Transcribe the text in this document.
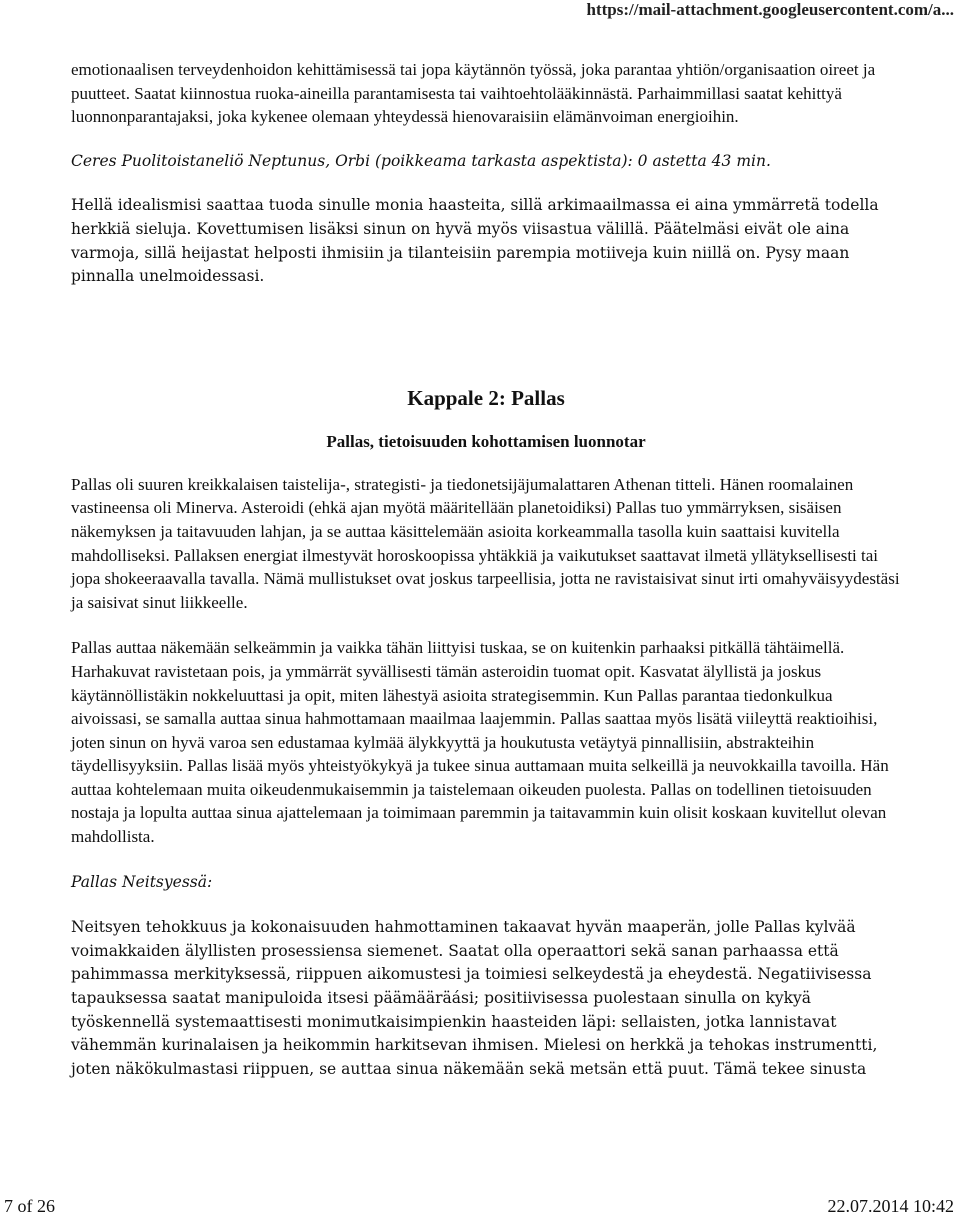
https://mail-attachment.googleusercontent.com/a...

emotionaalisen terveydenhoidon kehittämisessä tai jopa käytännön työssä, joka parantaa yhtiön/organisaation oireet ja puutteet. Saatat kiinnostua ruoka-aineilla parantamisesta tai vaihtoehtolääkinnästä. Parhaimmillasi saatat kehittyä luonnonparantajaksi, joka kykenee olemaan yhteydessä hienovaraisiin elämänvoiman energioihin.

Ceres Puolitoistaneliö Neptunus, Orbi (poikkeama tarkasta aspektista): 0 astetta 43 min.

Hellä idealismisi saattaa tuoda sinulle monia haasteita, sillä arkimaailmassa ei aina ymmärretä todella herkkiä sieluja. Kovettumisen lisäksi sinun on hyvä myös viisastua välillä. Päätelmäsi eivät ole aina varmoja, sillä heijastat helposti ihmisiin ja tilanteisiin parempia motiiveja kuin niillä on. Pysy maan pinnalla unelmoidessasi.

Kappale 2: Pallas
Pallas, tietoisuuden kohottamisen luonnotar

Pallas oli suuren kreikkalaisen taistelija-, strategisti- ja tiedonetsijäjumalattaren Athenan titteli. Hänen roomalainen vastineensa oli Minerva. Asteroidi (ehkä ajan myötä määritellään planetoidiksi) Pallas tuo ymmärryksen, sisäisen näkemyksen ja taitavuuden lahjan, ja se auttaa käsittelemään asioita korkeammalla tasolla kuin saattaisi kuvitella mahdolliseksi. Pallaksen energiat ilmestyvät horoskoopissa yhtäkkiä ja vaikutukset saattavat ilmetä yllätyksellisesti tai jopa shokeeraavalla tavalla. Nämä mullistukset ovat joskus tarpeellisia, jotta ne ravistaisivat sinut irti omahyväisyydestäsi ja saisivat sinut liikkeelle.

Pallas auttaa näkemään selkeämmin ja vaikka tähän liittyisi tuskaa, se on kuitenkin parhaaksi pitkällä tähtäimellä. Harhakuvat ravistetaan pois, ja ymmärrät syvällisesti tämän asteroidin tuomat opit. Kasvatat älyllistä ja joskus käytännöllistäkin nokkeluuttasi ja opit, miten lähestyä asioita strategisemmin. Kun Pallas parantaa tiedonkulkua aivoissasi, se samalla auttaa sinua hahmottamaan maailmaa laajemmin. Pallas saattaa myös lisätä viileyttä reaktioihisi, joten sinun on hyvä varoa sen edustamaa kylmää älykkyyttä ja houkutusta vetäytyä pinnallisiin, abstrakteihin täydellisyyksiin. Pallas lisää myös yhteistyökykyä ja tukee sinua auttamaan muita selkeillä ja neuvokkailla tavoilla. Hän auttaa kohtelemaan muita oikeudenmukaisemmin ja taistelemaan oikeuden puolesta. Pallas on todellinen tietoisuuden nostaja ja lopulta auttaa sinua ajattelemaan ja toimimaan paremmin ja taitavammin kuin olisit koskaan kuvitellut olevan mahdollista.

Pallas Neitsyessä:

Neitsyen tehokkuus ja kokonaisuuden hahmottaminen takaavat hyvän maaperän, jolle Pallas kylvää voimakkaiden älyllisten prosessiensa siemenet. Saatat olla operaattori sekä sanan parhaassa että pahimmassa merkityksessä, riippuen aikomustesi ja toimiesi selkeydestä ja eheydestä. Negatiivisessa tapauksessa saatat manipuloida itsesi päämääräási; positiivisessa puolestaan sinulla on kykyä työskennellä systemaattisesti monimutkaisimpienkin haasteiden läpi: sellaisten, jotka lannistavat vähemmän kurinalaisen ja heikommin harkitsevan ihmisen. Mielesi on herkkä ja tehokas instrumentti, joten näkökulmastasi riippuen, se auttaa sinua näkemään sekä metsän että puut. Tämä tekee sinusta

7 of 26	22.07.2014 10:42
